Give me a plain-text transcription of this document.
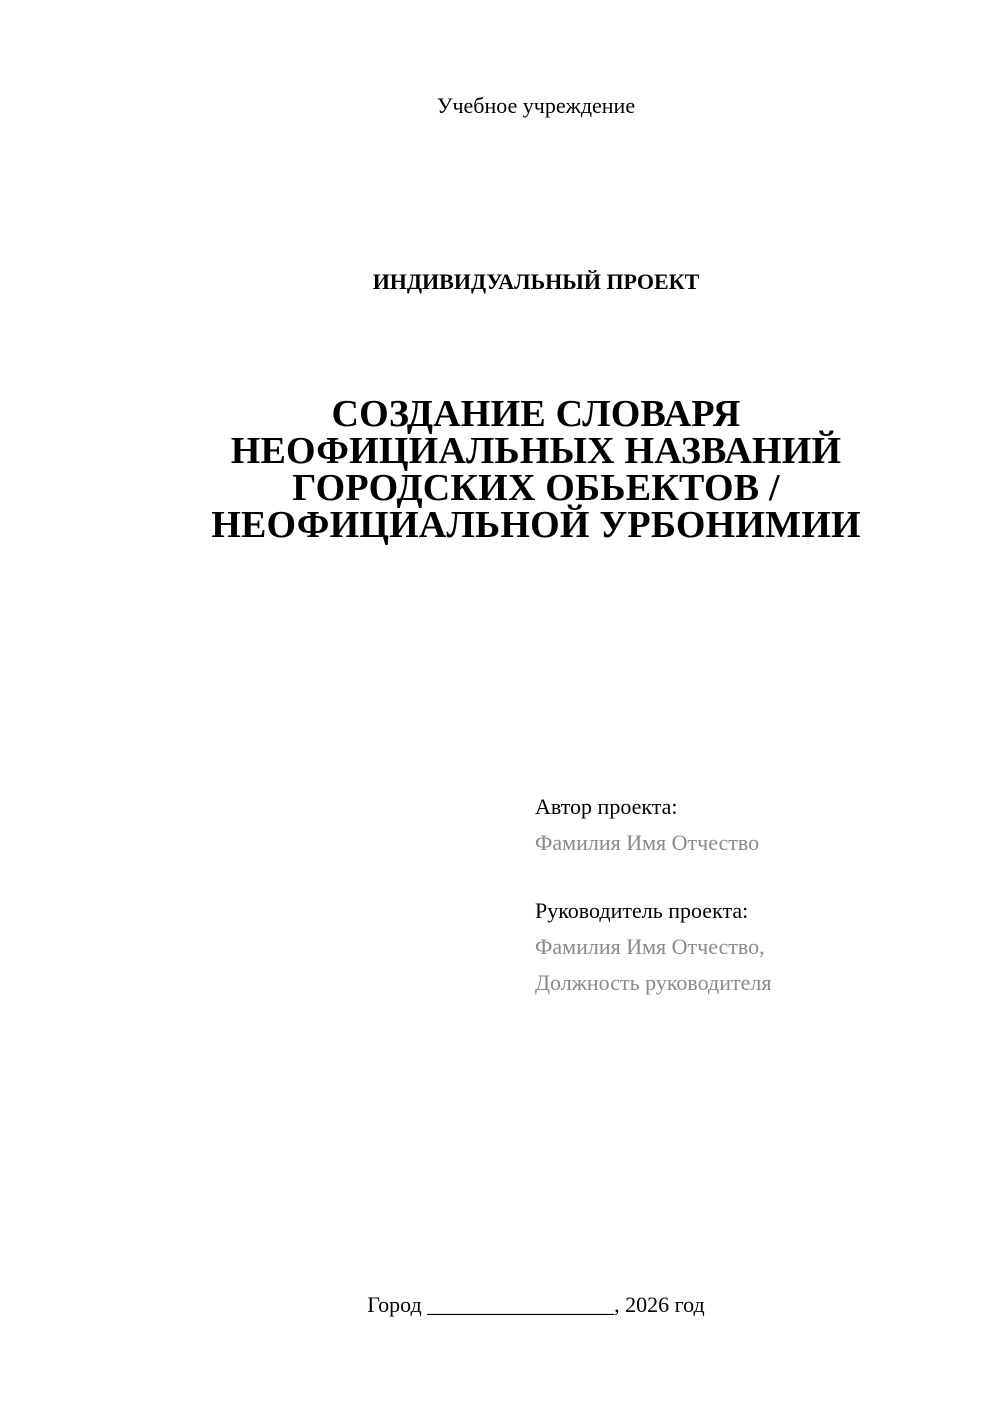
Учебное учреждение
ИНДИВИДУАЛЬНЫЙ ПРОЕКТ
СОЗДАНИЕ СЛОВАРЯ
НЕОФИЦИАЛЬНЫХ НАЗВАНИЙ
ГОРОДСКИХ ОБЬЕКТОВ /
НЕОФИЦИАЛЬНОЙ УРБОНИМИИ
Автор проекта:
Фамилия Имя Отчество
Руководитель проекта:
Фамилия Имя Отчество,
Должность руководителя
Город _________________, 2026 год
